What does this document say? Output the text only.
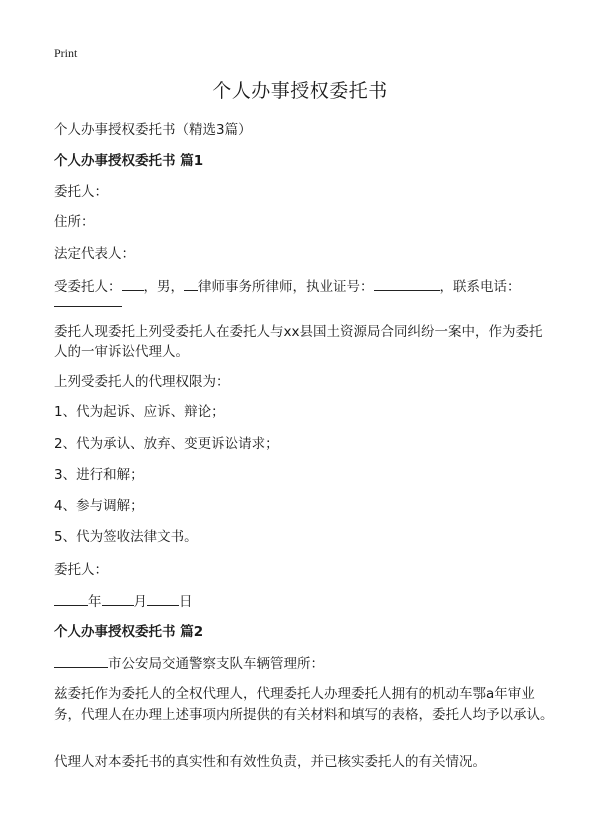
Print
个人办事授权委托书
个人办事授权委托书（精选3篇）
个人办事授权委托书 篇1
委托人：
住所：
法定代表人：
受委托人： ，男， 律师事务所律师，执业证号：	，联系电话：
委托人现委托上列受委托人在委托人与xx县国土资源局合同纠纷一案中，作为委托人的一审诉讼代理人。
上列受委托人的代理权限为：
1、代为起诉、应诉、辩论；
2、代为承认、放弃、变更诉讼请求；
3、进行和解；
4、参与调解；
5、代为签收法律文书。
委托人：
年 月 日
个人办事授权委托书 篇2
市公安局交通警察支队车辆管理所：
兹委托作为委托人的全权代理人，代理委托人办理委托人拥有的机动车鄂a年审业务，代理人在办理上述事项内所提供的有关材料和填写的表格，委托人均予以承认。
代理人对本委托书的真实性和有效性负责，并已核实委托人的有关情况。
